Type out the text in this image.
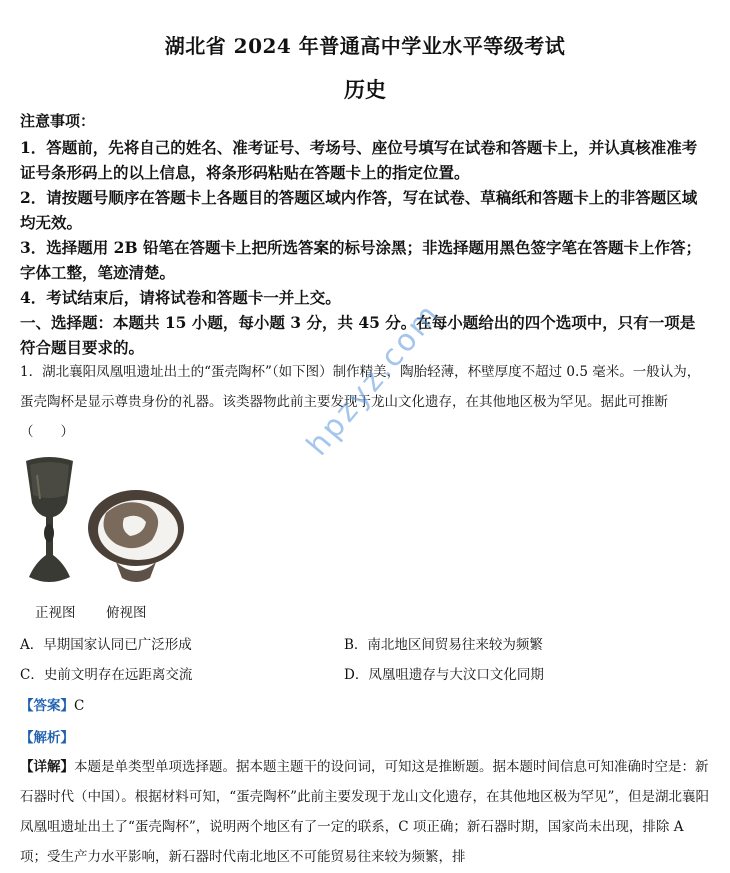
湖北省 2024 年普通高中学业水平等级考试
历史
注意事项：
1．答题前，先将自己的姓名、准考证号、考场号、座位号填写在试卷和答题卡上，并认真核准准考证号条形码上的以上信息，将条形码粘贴在答题卡上的指定位置。
2．请按题号顺序在答题卡上各题目的答题区域内作答，写在试卷、草稿纸和答题卡上的非答题区域均无效。
3．选择题用 2B 铅笔在答题卡上把所选答案的标号涂黑；非选择题用黑色签字笔在答题卡上作答；字体工整，笔迹清楚。
4．考试结束后，请将试卷和答题卡一并上交。
一、选择题：本题共 15 小题，每小题 3 分，共 45 分。在每小题给出的四个选项中，只有一项是符合题目要求的。
1．湖北襄阳凤凰咀遗址出土的“蛋壳陶杯”（如下图）制作精美，陶胎轻薄，杯壁厚度不超过 0.5 毫米。一般认为，蛋壳陶杯是显示尊贵身份的礼器。该类器物此前主要发现于龙山文化遗存，在其他地区极为罕见。据此可推断（　　）
正视图 俯视图
A．早期国家认同已广泛形成	B．南北地区间贸易往来较为频繁
C．史前文明存在远距离交流	D．凤凰咀遗存与大汶口文化同期
【答案】C
【解析】
【详解】本题是单类型单项选择题。据本题主题干的设问词，可知这是推断题。据本题时间信息可知准确时空是：新石器时代（中国）。根据材料可知，“蛋壳陶杯”此前主要发现于龙山文化遗存，在其他地区极为罕见”，但是湖北襄阳凤凰咀遗址出土了“蛋壳陶杯”，说明两个地区有了一定的联系，C 项正确；新石器时期，国家尚未出现，排除 A 项；受生产力水平影响，新石器时代南北地区不可能贸易往来较为频繁，排
hpzyz.com
